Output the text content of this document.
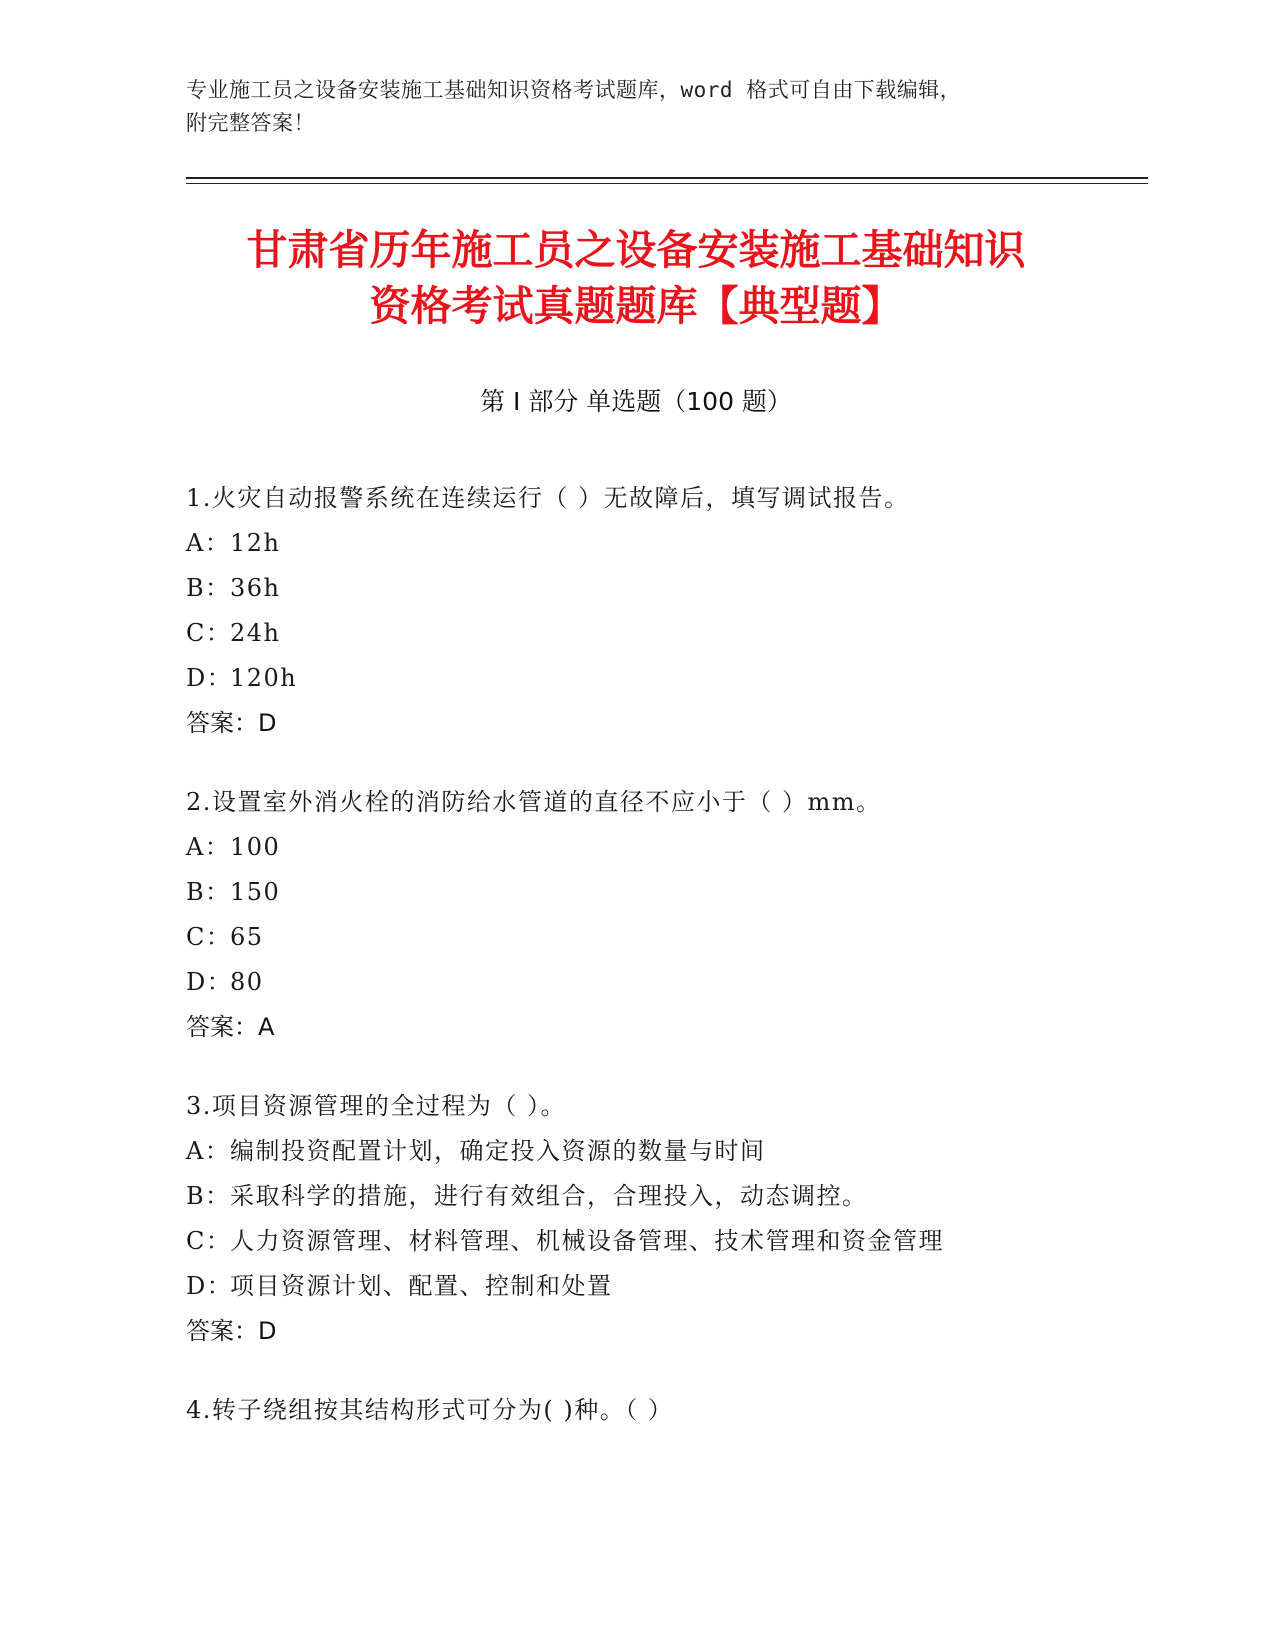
专业施工员之设备安装施工基础知识资格考试题库，word 格式可自由下载编辑，
附完整答案！
甘肃省历年施工员之设备安装施工基础知识
资格考试真题题库【典型题】
第 I 部分 单选题（100 题）
1.火灾自动报警系统在连续运行（ ）无故障后，填写调试报告。
A：12h
B：36h
C：24h
D：120h
答案：D
2.设置室外消火栓的消防给水管道的直径不应小于（ ）mm。
A：100
B：150
C：65
D：80
答案：A
3.项目资源管理的全过程为（ ）。
A：编制投资配置计划，确定投入资源的数量与时间
B：采取科学的措施，进行有效组合，合理投入，动态调控。
C：人力资源管理、材料管理、机械设备管理、技术管理和资金管理
D：项目资源计划、配置、控制和处置
答案：D
4.转子绕组按其结构形式可分为( )种。（ ）
